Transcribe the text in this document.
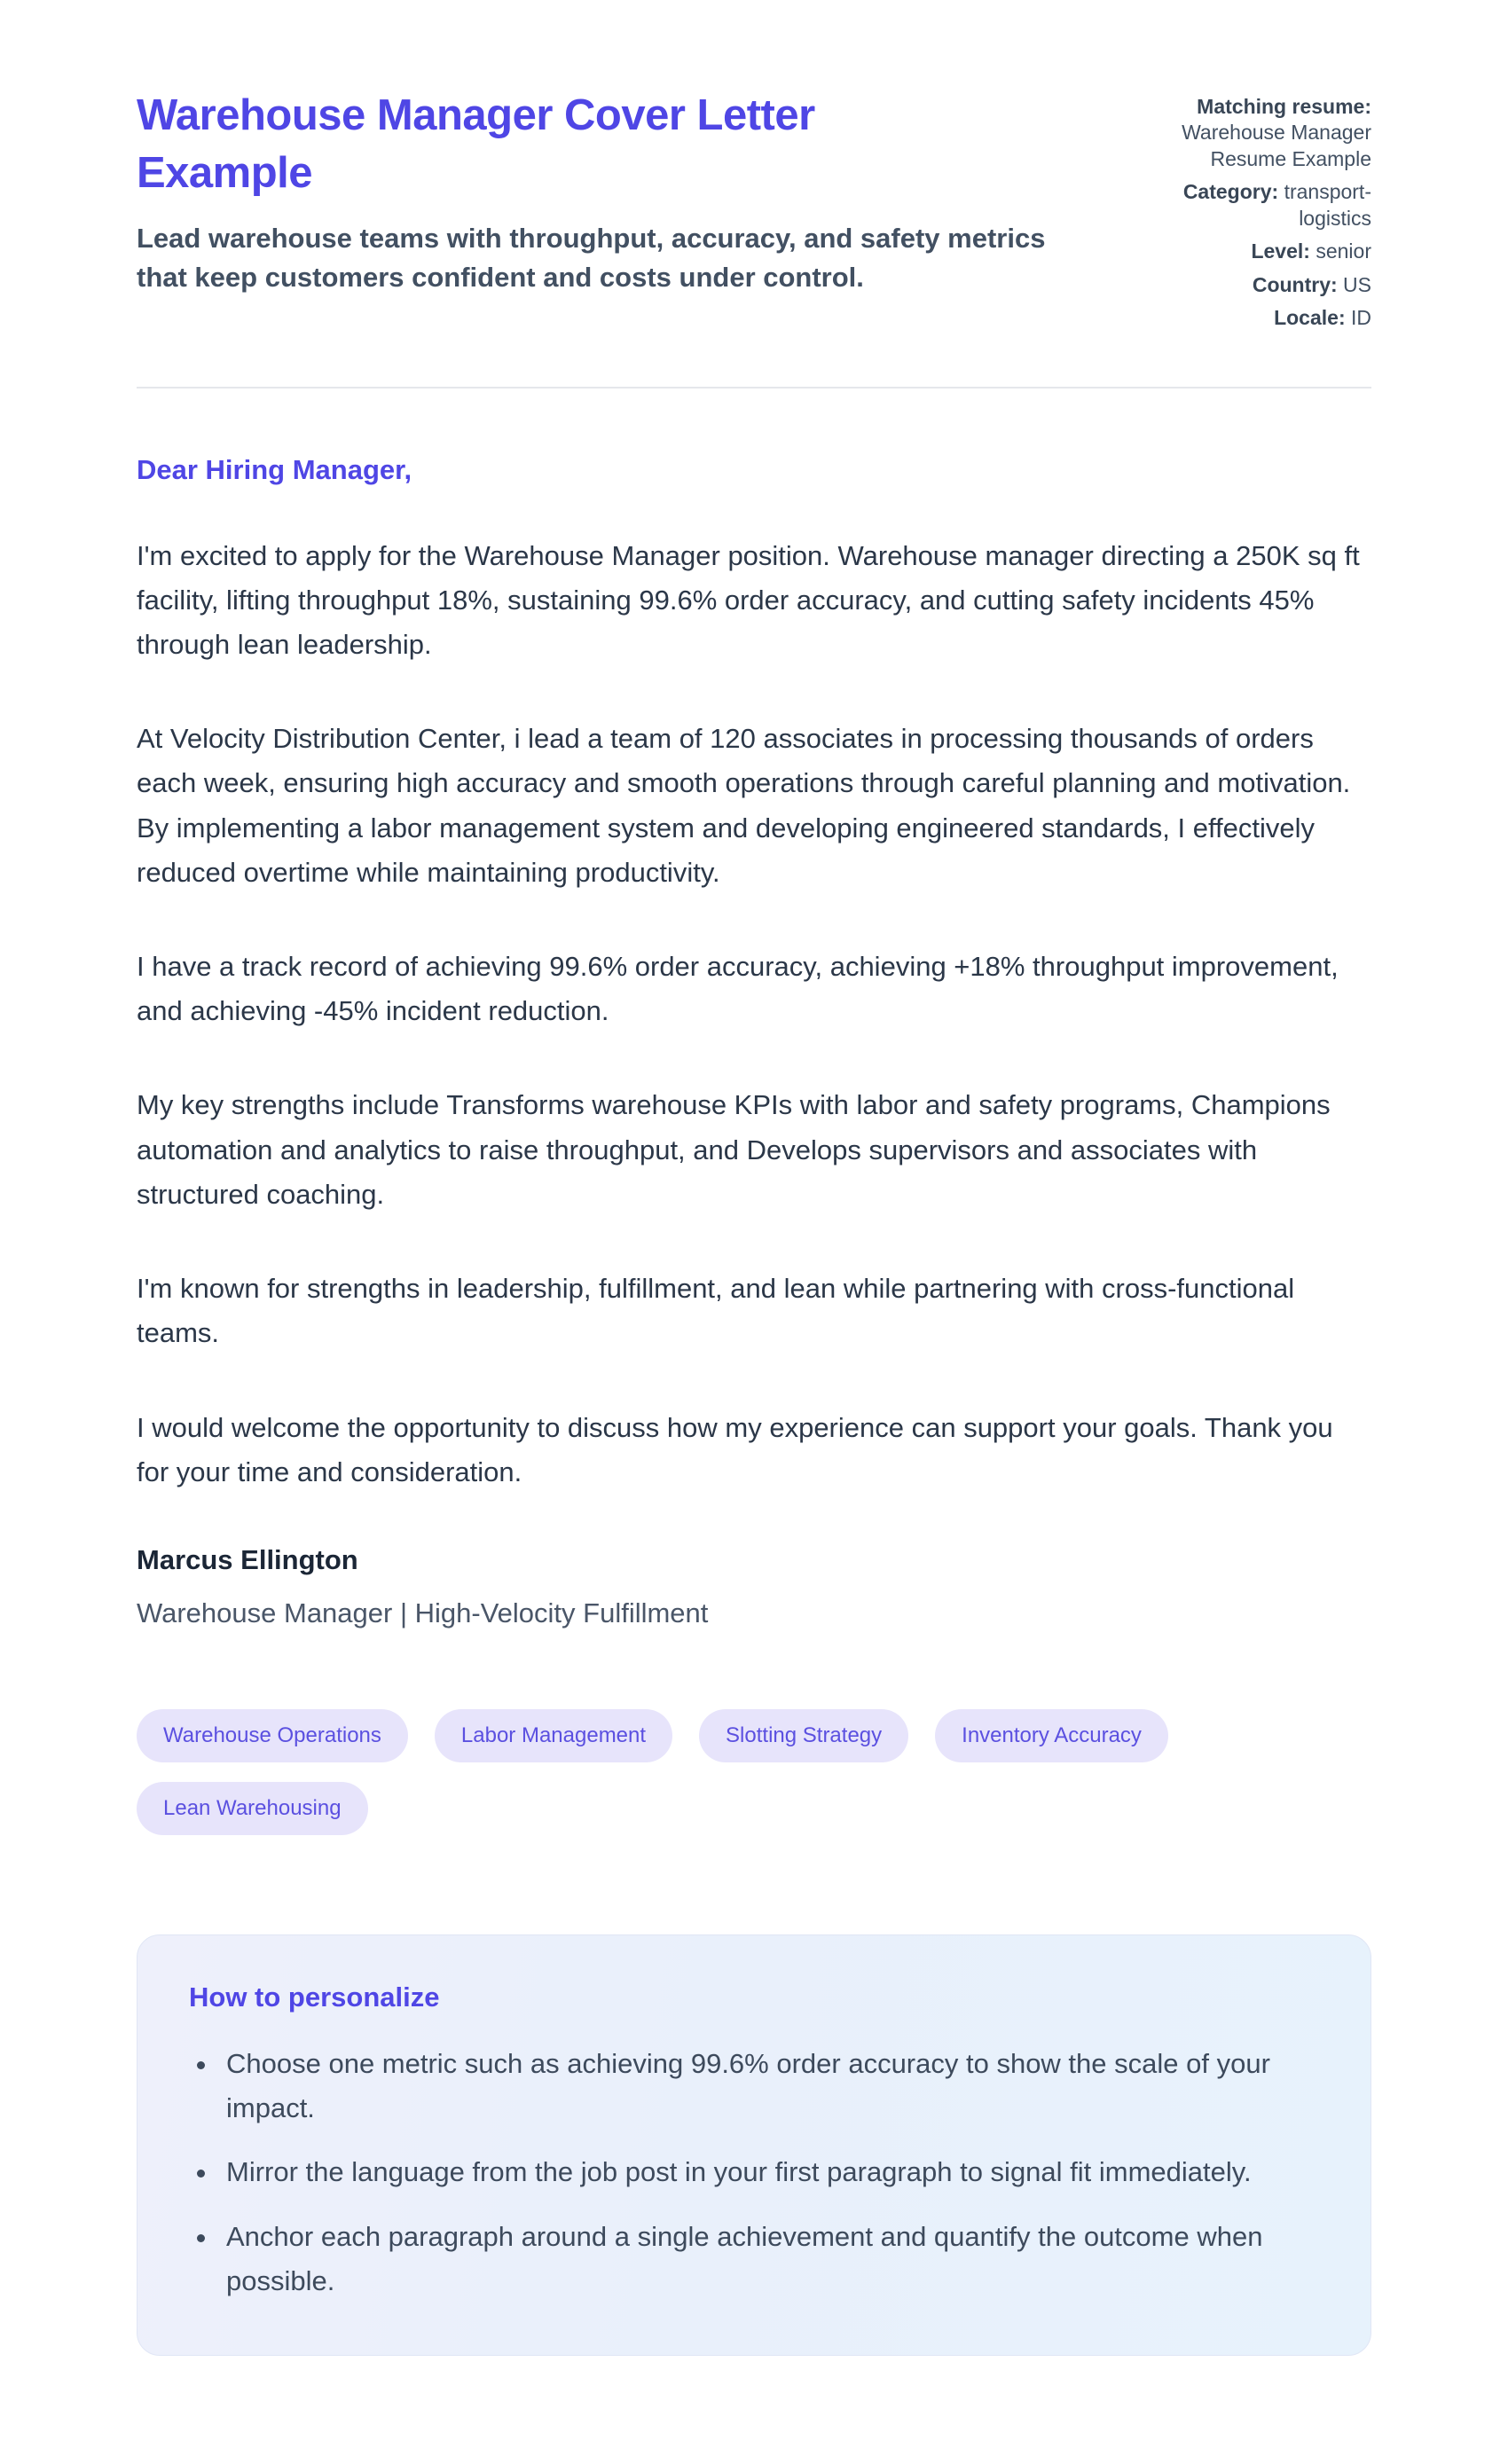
Warehouse Manager Cover Letter Example

Lead warehouse teams with throughput, accuracy, and safety metrics that keep customers confident and costs under control.

Matching resume: Warehouse Manager Resume Example
Category: transport-logistics
Level: senior
Country: US
Locale: ID

Dear Hiring Manager,

I'm excited to apply for the Warehouse Manager position. Warehouse manager directing a 250K sq ft facility, lifting throughput 18%, sustaining 99.6% order accuracy, and cutting safety incidents 45% through lean leadership.

At Velocity Distribution Center, i lead a team of 120 associates in processing thousands of orders each week, ensuring high accuracy and smooth operations through careful planning and motivation. By implementing a labor management system and developing engineered standards, I effectively reduced overtime while maintaining productivity.

I have a track record of achieving 99.6% order accuracy, achieving +18% throughput improvement, and achieving -45% incident reduction.

My key strengths include Transforms warehouse KPIs with labor and safety programs, Champions automation and analytics to raise throughput, and Develops supervisors and associates with structured coaching.

I'm known for strengths in leadership, fulfillment, and lean while partnering with cross-functional teams.

I would welcome the opportunity to discuss how my experience can support your goals. Thank you for your time and consideration.

Marcus Ellington

Warehouse Manager | High-Velocity Fulfillment

Warehouse Operations	Labor Management	Slotting Strategy	Inventory Accuracy
Lean Warehousing

How to personalize

• Choose one metric such as achieving 99.6% order accuracy to show the scale of your impact.
• Mirror the language from the job post in your first paragraph to signal fit immediately.
• Anchor each paragraph around a single achievement and quantify the outcome when possible.
